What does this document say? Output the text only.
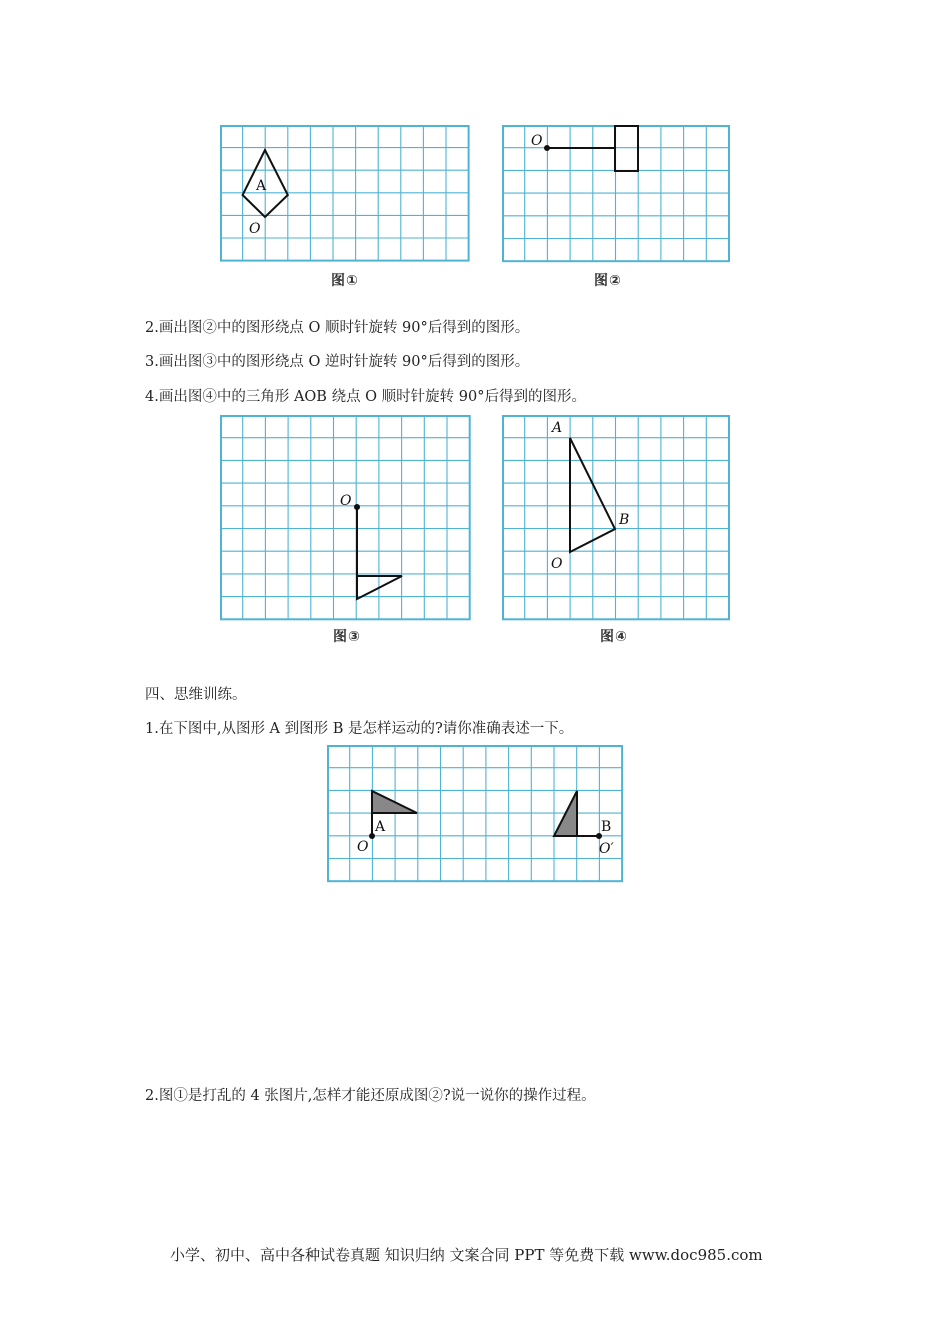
A
O
图①
O
图②
2.画出图②中的图形绕点 O 顺时针旋转 90°后得到的图形。
3.画出图③中的图形绕点 O 逆时针旋转 90°后得到的图形。
4.画出图④中的三角形 AOB 绕点 O 顺时针旋转 90°后得到的图形。
O
图③
A
B
O
图④
四、思维训练。
1.在下图中,从图形 A 到图形 B 是怎样运动的?请你准确表述一下。
A
O
B
O′
2.图①是打乱的 4 张图片,怎样才能还原成图②?说一说你的操作过程。
小学、初中、高中各种试卷真题 知识归纳 文案合同 PPT 等免费下载 www.doc985.com
